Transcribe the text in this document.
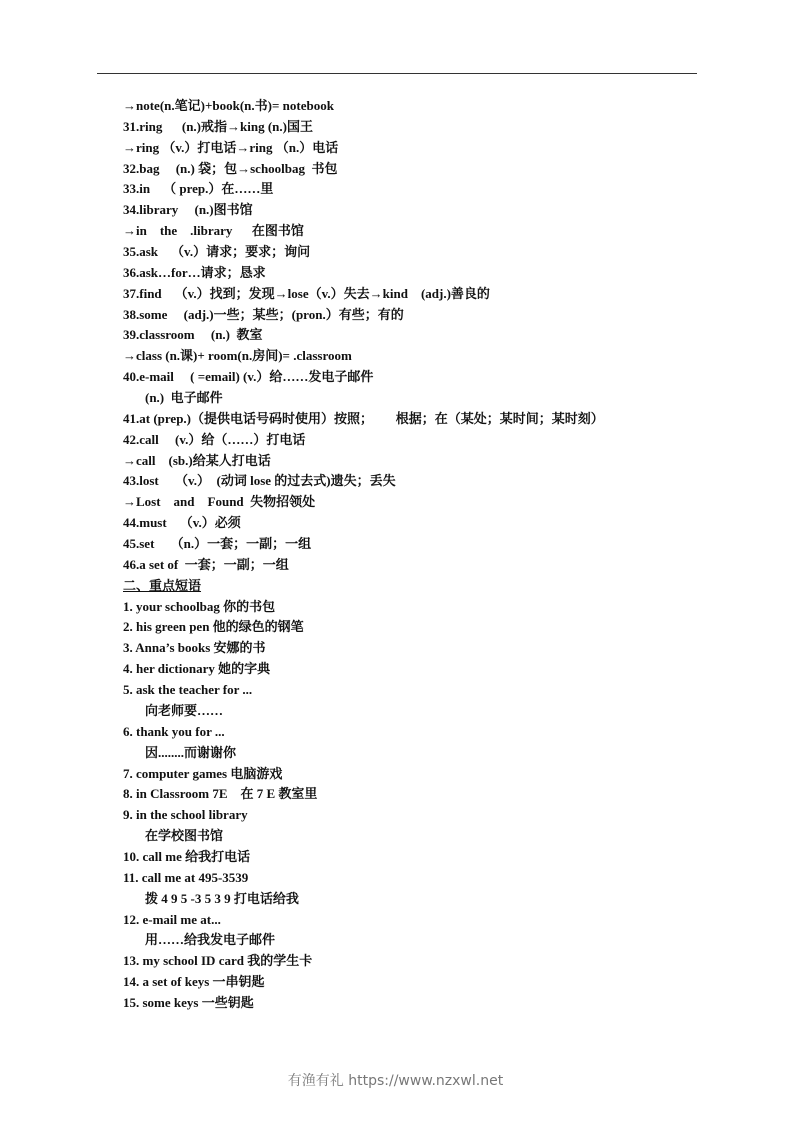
→note(n.笔记)+book(n.书)= notebook
31.ring      (n.)戒指→king (n.)国王
→ring （v.）打电话→ring （n.）电话
32.bag     (n.) 袋；包→schoolbag  书包
33.in    （ prep.）在……里
34.library     (n.)图书馆
→in    the    .library      在图书馆
35.ask    （v.）请求；要求；询问
36.ask…for…请求；恳求
37.find    （v.）找到；发现→lose（v.）失去→kind    (adj.)善良的
38.some     (adj.)一些；某些；(pron.）有些；有的
39.classroom     (n.)  教室
→class (n.课)+ room(n.房间)= .classroom
40.e-mail     ( =email) (v.）给……发电子邮件
(n.)  电子邮件
41.at (prep.)（提供电话号码时使用）按照；       根据；在（某处；某时间；某时刻）
42.call     (v.）给（……）打电话
→call    (sb.)给某人打电话
43.lost     （v.）  (动词 lose 的过去式)遗失；丢失
→Lost    and    Found  失物招领处
44.must    （v.）必须
45.set     （n.）一套；一副；一组
46.a set of  一套；一副；一组
二、重点短语
1. your schoolbag 你的书包
2. his green pen 他的绿色的钢笔
3. Anna’s books 安娜的书
4. her dictionary 她的字典
5. ask the teacher for ...
向老师要……
6. thank you for ...
因........而谢谢你
7. computer games 电脑游戏
8. in Classroom 7E    在 7 E 教室里
9. in the school library
在学校图书馆
10. call me 给我打电话
11. call me at 495-3539
拨 4 9 5 -3 5 3 9 打电话给我
12. e-mail me at...
用……给我发电子邮件
13. my school ID card 我的学生卡
14. a set of keys 一串钥匙
15. some keys 一些钥匙
有渔有礼 https://www.nzxwl.net
